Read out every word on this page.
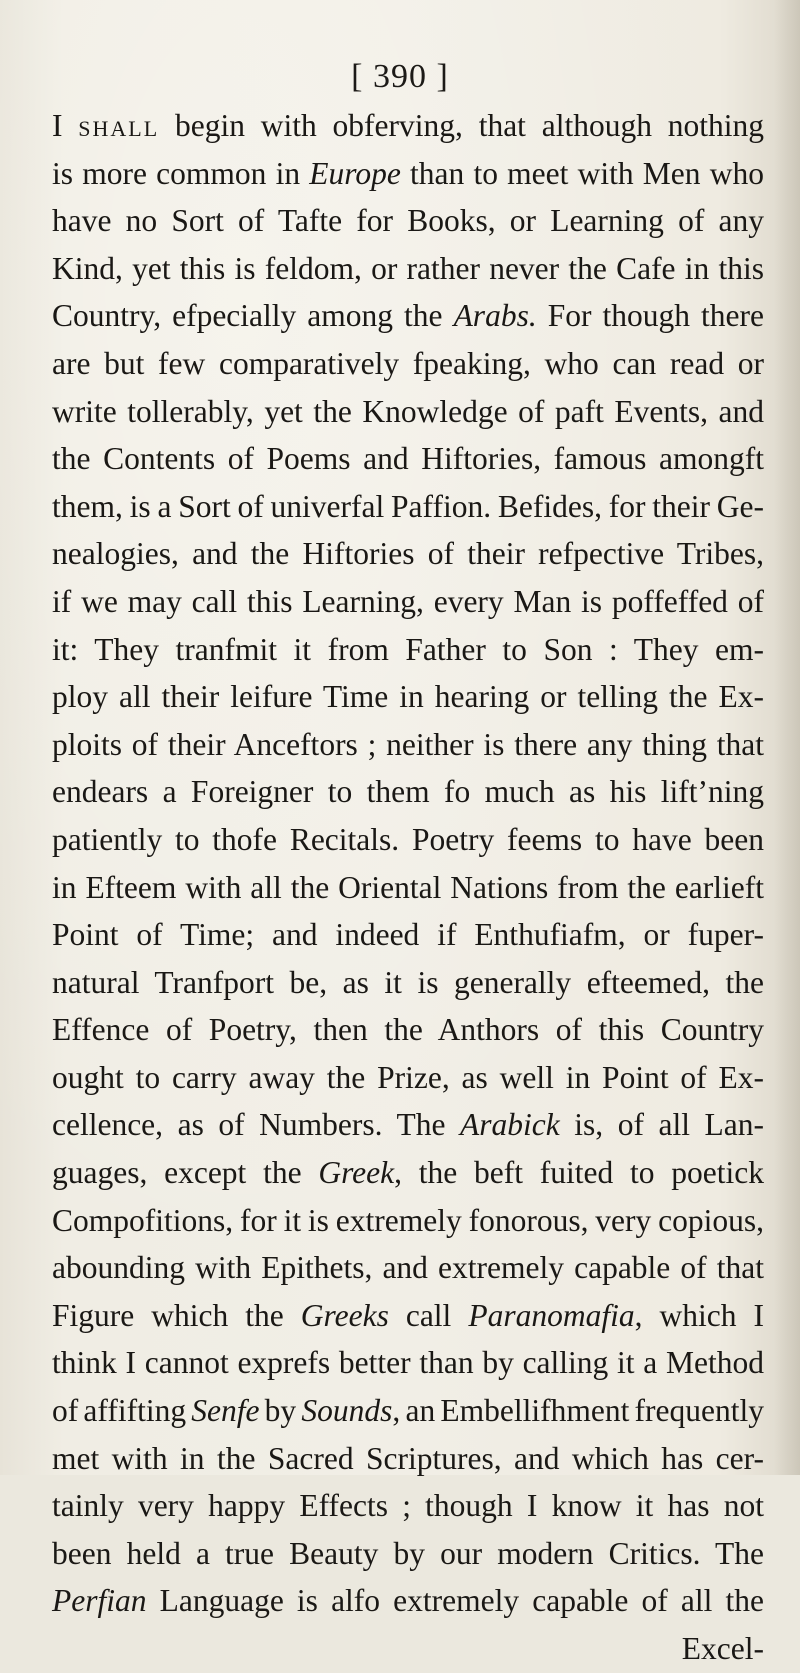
[ 390 ]
I shall begin with obferving, that although nothing
is more common in Europe than to meet with Men who
have no Sort of Tafte for Books, or Learning of any
Kind, yet this is feldom, or rather never the Cafe in this
Country, efpecially among the Arabs. For though there
are but few comparatively fpeaking, who can read or
write tollerably, yet the Knowledge of paft Events, and
the Contents of Poems and Hiftories, famous amongft
them, is a Sort of univerfal Paffion. Befides, for their Ge-
nealogies, and the Hiftories of their refpective Tribes,
if we may call this Learning, every Man is poffeffed of
it: They tranfmit it from Father to Son : They em-
ploy all their leifure Time in hearing or telling the Ex-
ploits of their Anceftors ; neither is there any thing that
endears a Foreigner to them fo much as his lift’ning
patiently to thofe Recitals. Poetry feems to have been
in Efteem with all the Oriental Nations from the earlieft
Point of Time; and indeed if Enthufiafm, or fuper-
natural Tranfport be, as it is generally efteemed, the
Effence of Poetry, then the Anthors of this Country
ought to carry away the Prize, as well in Point of Ex-
cellence, as of Numbers. The Arabick is, of all Lan-
guages, except the Greek, the beft fuited to poetick
Compofitions, for it is extremely fonorous, very copious,
abounding with Epithets, and extremely capable of that
Figure which the Greeks call Paranomafia, which I
think I cannot exprefs better than by calling it a Method
of affifting Senfe by Sounds, an Embellifhment frequently
met with in the Sacred Scriptures, and which has cer-
tainly very happy Effects ; though I know it has not
been held a true Beauty by our modern Critics. The
Perfian Language is alfo extremely capable of all the
Excel-
